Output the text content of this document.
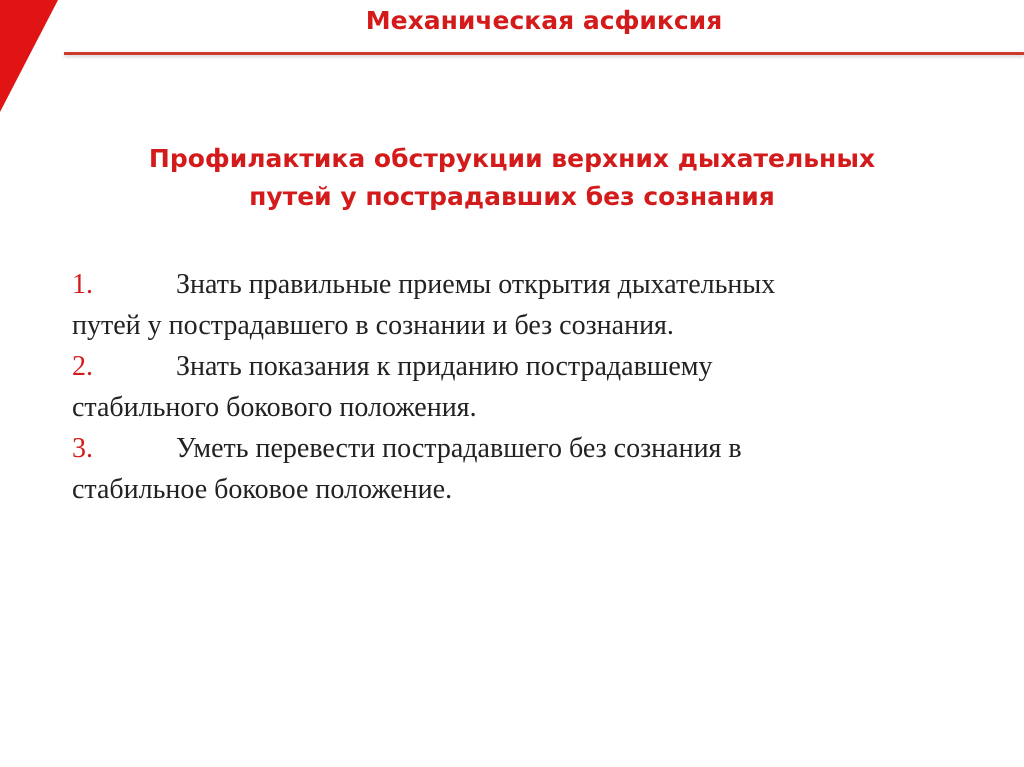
Механическая асфиксия
Профилактика обструкции верхних дыхательных
путей у пострадавших без сознания
1.	Знать правильные приемы открытия дыхательных
путей у пострадавшего в сознании и без сознания.
2.	Знать показания к приданию пострадавшему
стабильного бокового положения.
3.	Уметь перевести пострадавшего без сознания в
стабильное боковое положение.
